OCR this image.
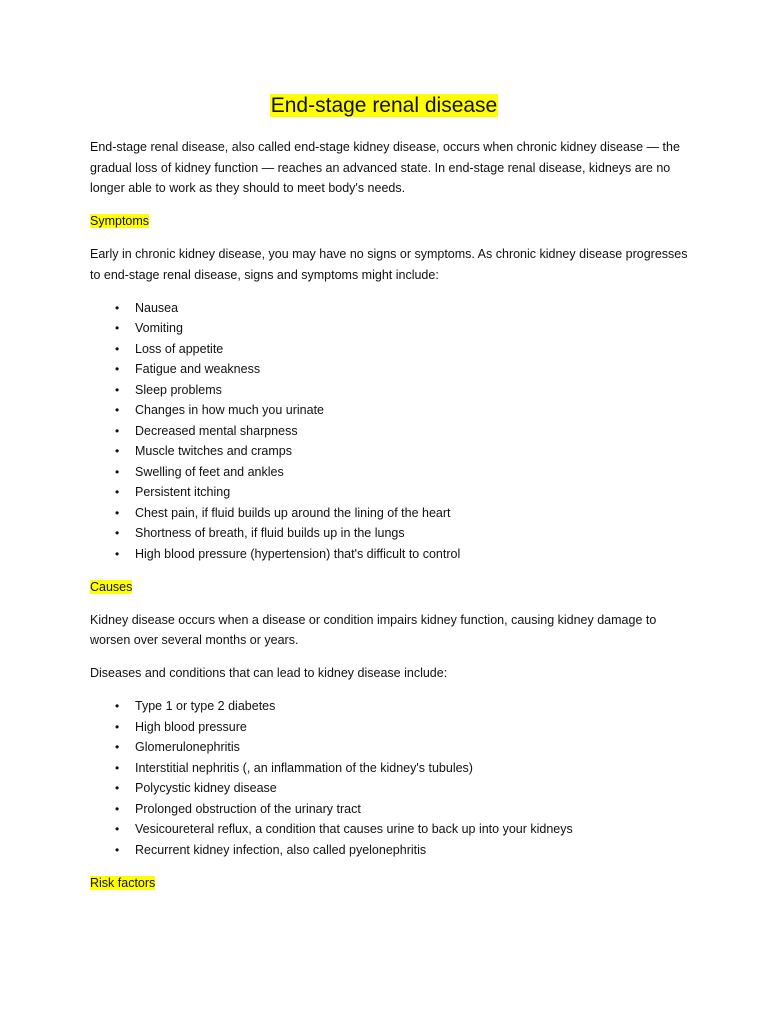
End-stage renal disease

End-stage renal disease, also called end-stage kidney disease, occurs when chronic kidney disease — the gradual loss of kidney function — reaches an advanced state. In end-stage renal disease, kidneys are no longer able to work as they should to meet body's needs.

Symptoms

Early in chronic kidney disease, you may have no signs or symptoms. As chronic kidney disease progresses to end-stage renal disease, signs and symptoms might include:

• Nausea
• Vomiting
• Loss of appetite
• Fatigue and weakness
• Sleep problems
• Changes in how much you urinate
• Decreased mental sharpness
• Muscle twitches and cramps
• Swelling of feet and ankles
• Persistent itching
• Chest pain, if fluid builds up around the lining of the heart
• Shortness of breath, if fluid builds up in the lungs
• High blood pressure (hypertension) that's difficult to control

Causes

Kidney disease occurs when a disease or condition impairs kidney function, causing kidney damage to worsen over several months or years.

Diseases and conditions that can lead to kidney disease include:

• Type 1 or type 2 diabetes
• High blood pressure
• Glomerulonephritis
• Interstitial nephritis (, an inflammation of the kidney's tubules)
• Polycystic kidney disease
• Prolonged obstruction of the urinary tract
• Vesicoureteral reflux, a condition that causes urine to back up into your kidneys
• Recurrent kidney infection, also called pyelonephritis

Risk factors
